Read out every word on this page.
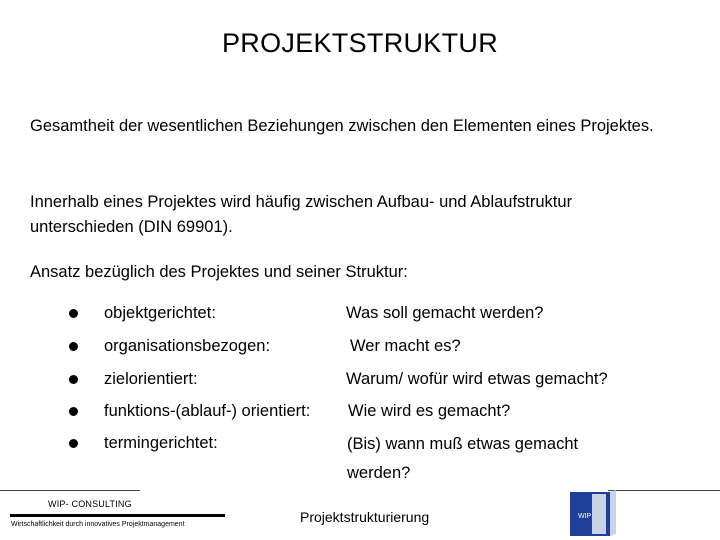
PROJEKTSTRUKTUR
Gesamtheit der wesentlichen Beziehungen zwischen den Elementen eines Projektes.
Innerhalb eines Projektes wird häufig zwischen Aufbau- und Ablaufstruktur unterschieden (DIN 69901).
Ansatz bezüglich des Projektes und seiner Struktur:
objektgerichtet:	Was soll gemacht werden?
organisationsbezogen:	Wer macht es?
zielorientiert:	Warum/ wofür wird etwas gemacht?
funktions-(ablauf-) orientiert: Wie wird es gemacht?
termingerichtet:	(Bis) wann muß etwas gemacht werden?
WIP- CONSULTING
Wirtschaftlichkeit durch innovatives Projektmanagement	Projektstrukturierung	WIP
